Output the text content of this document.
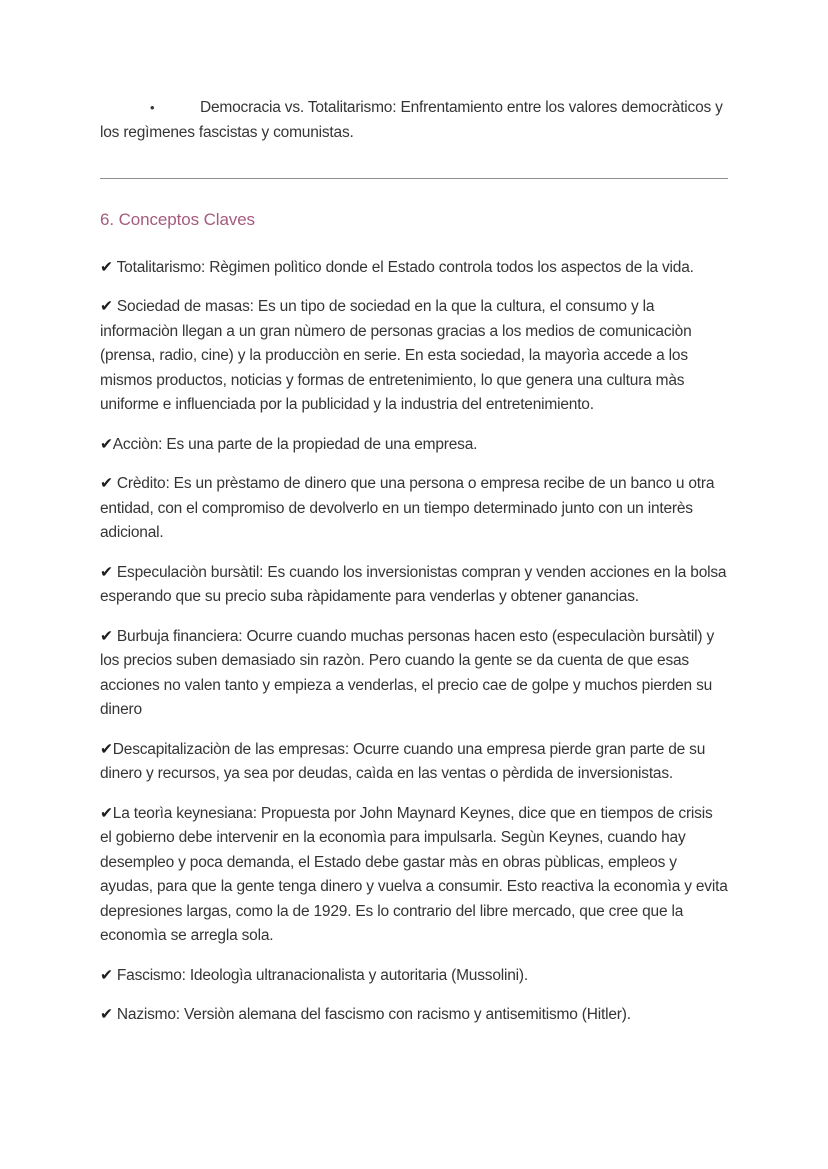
•	Democracia vs. Totalitarismo: Enfrentamiento entre los valores democràticos y los regìmenes fascistas y comunistas.

6. Conceptos Claves

✔ Totalitarismo: Règimen polìtico donde el Estado controla todos los aspectos de la vida.

✔ Sociedad de masas: Es un tipo de sociedad en la que la cultura, el consumo y la informaciòn llegan a un gran nùmero de personas gracias a los medios de comunicaciòn (prensa, radio, cine) y la producciòn en serie. En esta sociedad, la mayorìa accede a los mismos productos, noticias y formas de entretenimiento, lo que genera una cultura màs uniforme e influenciada por la publicidad y la industria del entretenimiento.

✔Acciòn: Es una parte de la propiedad de una empresa.

✔ Crèdito: Es un prèstamo de dinero que una persona o empresa recibe de un banco u otra entidad, con el compromiso de devolverlo en un tiempo determinado junto con un interès adicional.

✔ Especulaciòn bursàtil: Es cuando los inversionistas compran y venden acciones en la bolsa esperando que su precio suba ràpidamente para venderlas y obtener ganancias.

✔ Burbuja financiera: Ocurre cuando muchas personas hacen esto (especulaciòn bursàtil) y los precios suben demasiado sin razòn. Pero cuando la gente se da cuenta de que esas acciones no valen tanto y empieza a venderlas, el precio cae de golpe y muchos pierden su dinero

✔Descapitalizaciòn de las empresas: Ocurre cuando una empresa pierde gran parte de su dinero y recursos, ya sea por deudas, caìda en las ventas o pèrdida de inversionistas.

✔La teorìa keynesiana: Propuesta por John Maynard Keynes, dice que en tiempos de crisis el gobierno debe intervenir en la economìa para impulsarla. Segùn Keynes, cuando hay desempleo y poca demanda, el Estado debe gastar màs en obras pùblicas, empleos y ayudas, para que la gente tenga dinero y vuelva a consumir. Esto reactiva la economìa y evita depresiones largas, como la de 1929. Es lo contrario del libre mercado, que cree que la economìa se arregla sola.

✔ Fascismo: Ideologìa ultranacionalista y autoritaria (Mussolini).

✔ Nazismo: Versiòn alemana del fascismo con racismo y antisemitismo (Hitler).
